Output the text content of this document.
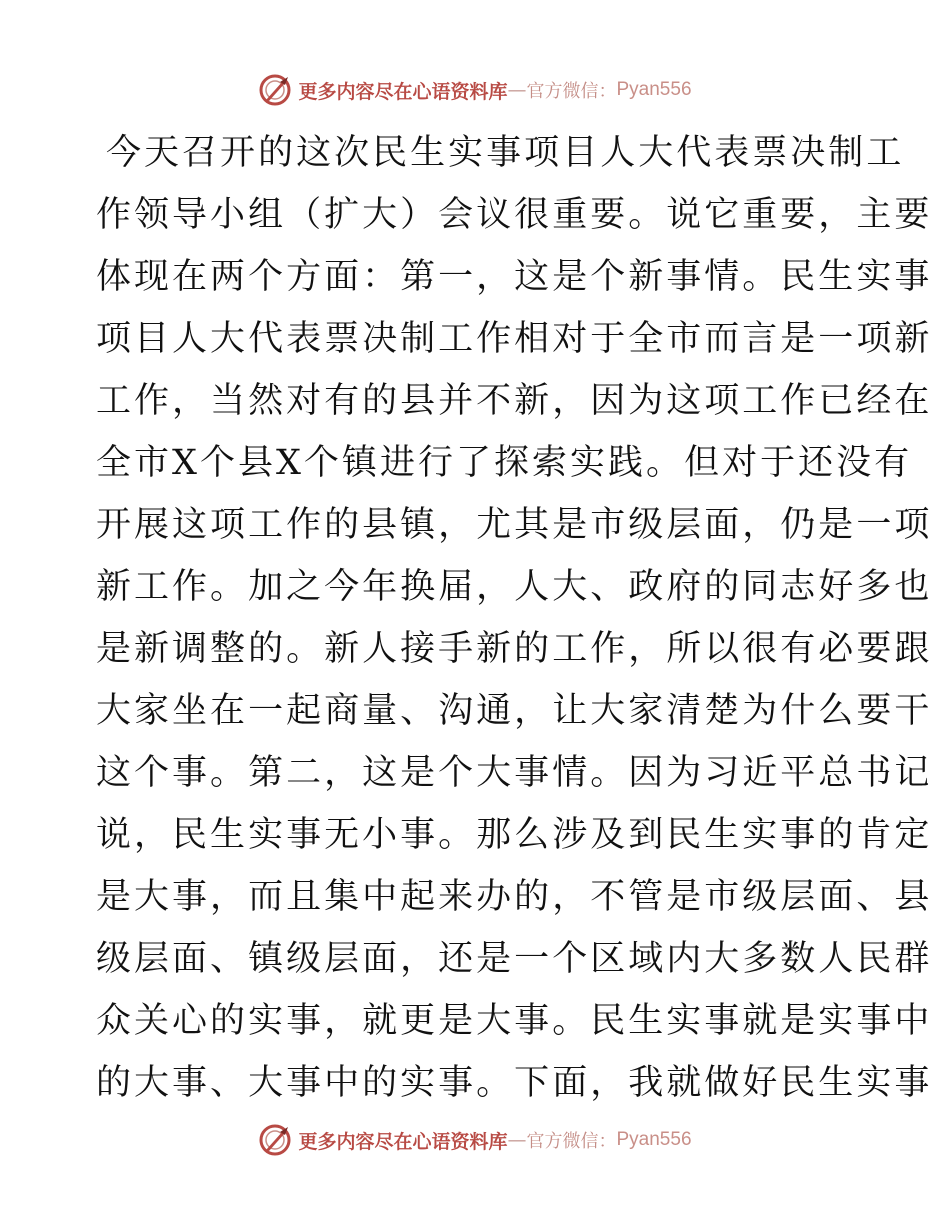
更多内容尽在心语资料库 — 官方微信： Pyan556
今 天 召 开 的 这 次 民 生 实 事 项 目 人 大 代 表 票 决 制 工
作 领 导 小 组 （ 扩 大 ） 会 议 很 重 要 。 说 它 重 要 ， 主 要
体 现 在 两 个 方 面 ： 第 一 ， 这 是 个 新 事 情 。 民 生 实 事
项 目 人 大 代 表 票 决 制 工 作 相 对 于 全 市 而 言 是 一 项 新
工 作 ， 当 然 对 有 的 县 并 不 新 ， 因 为 这 项 工 作 已 经 在
全 市 X 个 县 X 个 镇 进 行 了 探 索 实 践 。 但 对 于 还 没 有
开 展 这 项 工 作 的 县 镇 ， 尤 其 是 市 级 层 面 ， 仍 是 一 项
新 工 作 。 加 之 今 年 换 届 ， 人 大 、 政 府 的 同 志 好 多 也
是 新 调 整 的 。 新 人 接 手 新 的 工 作 ， 所 以 很 有 必 要 跟
大 家 坐 在 一 起 商 量 、 沟 通 ， 让 大 家 清 楚 为 什 么 要 干
这 个 事 。 第 二 ， 这 是 个 大 事 情 。 因 为 习 近 平 总 书 记
说 ， 民 生 实 事 无 小 事 。 那 么 涉 及 到 民 生 实 事 的 肯 定
是 大 事 ， 而 且 集 中 起 来 办 的 ， 不 管 是 市 级 层 面 、 县
级 层 面 、 镇 级 层 面 ， 还 是 一 个 区 域 内 大 多 数 人 民 群
众 关 心 的 实 事 ， 就 更 是 大 事 。 民 生 实 事 就 是 实 事 中
的 大 事 、 大 事 中 的 实 事 。 下 面 ， 我 就 做 好 民 生 实 事
更多内容尽在心语资料库 — 官方微信： Pyan556
